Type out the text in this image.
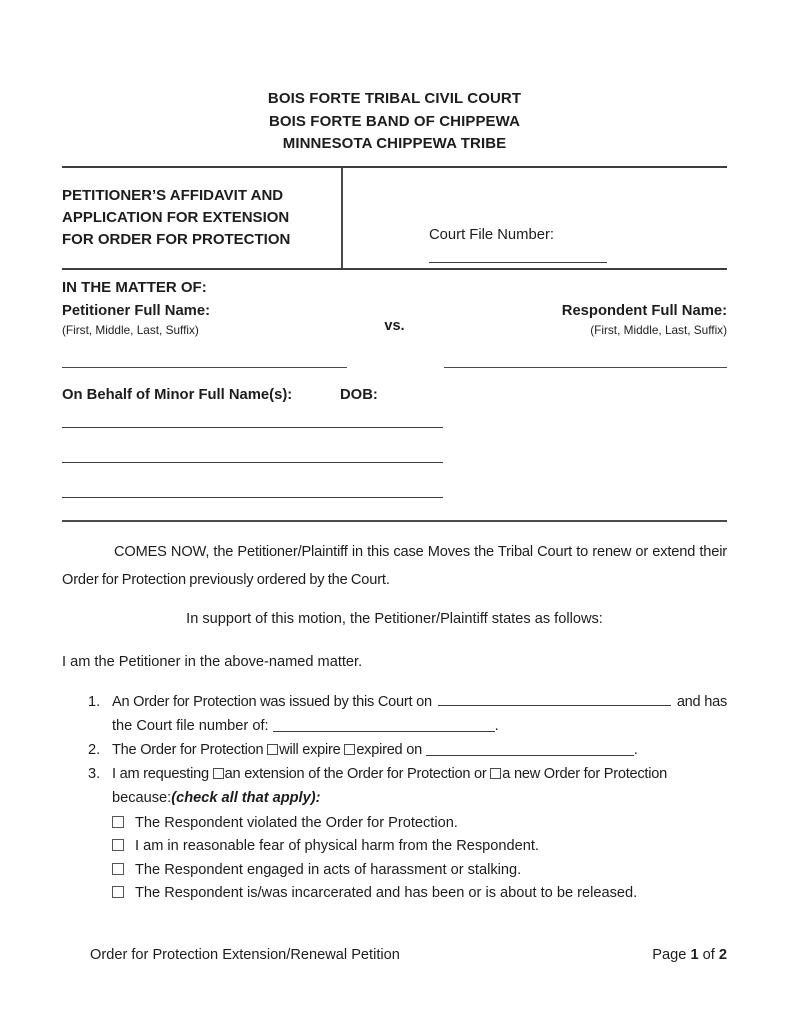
BOIS FORTE TRIBAL CIVIL COURT
BOIS FORTE BAND OF CHIPPEWA
MINNESOTA CHIPPEWA TRIBE
PETITIONER’S AFFIDAVIT AND
APPLICATION FOR EXTENSION
FOR ORDER FOR PROTECTION	Court File Number:
IN THE MATTER OF:
Petitioner Full Name:
(First, Middle, Last, Suffix)	vs.
Respondent Full Name:
(First, Middle, Last, Suffix)
On Behalf of Minor Full Name(s):	DOB:

COMES NOW, the Petitioner/Plaintiff in this case Moves the Tribal Court to renew or extend their Order for Protection previously ordered by the Court.

In support of this motion, the Petitioner/Plaintiff states as follows:
I am the Petitioner in the above-named matter.
1. An Order for Protection was issued by this Court on	and has
the Court file number of:	.
2. The Order for Protection will expire expired on	.
3. I am requesting an extension of the Order for Protection or a new Order for Protection
because:(check all that apply):
The Respondent violated the Order for Protection.
I am in reasonable fear of physical harm from the Respondent.
The Respondent engaged in acts of harassment or stalking.
The Respondent is/was incarcerated and has been or is about to be released.
Order for Protection Extension/Renewal Petition	Page 1 of 2
